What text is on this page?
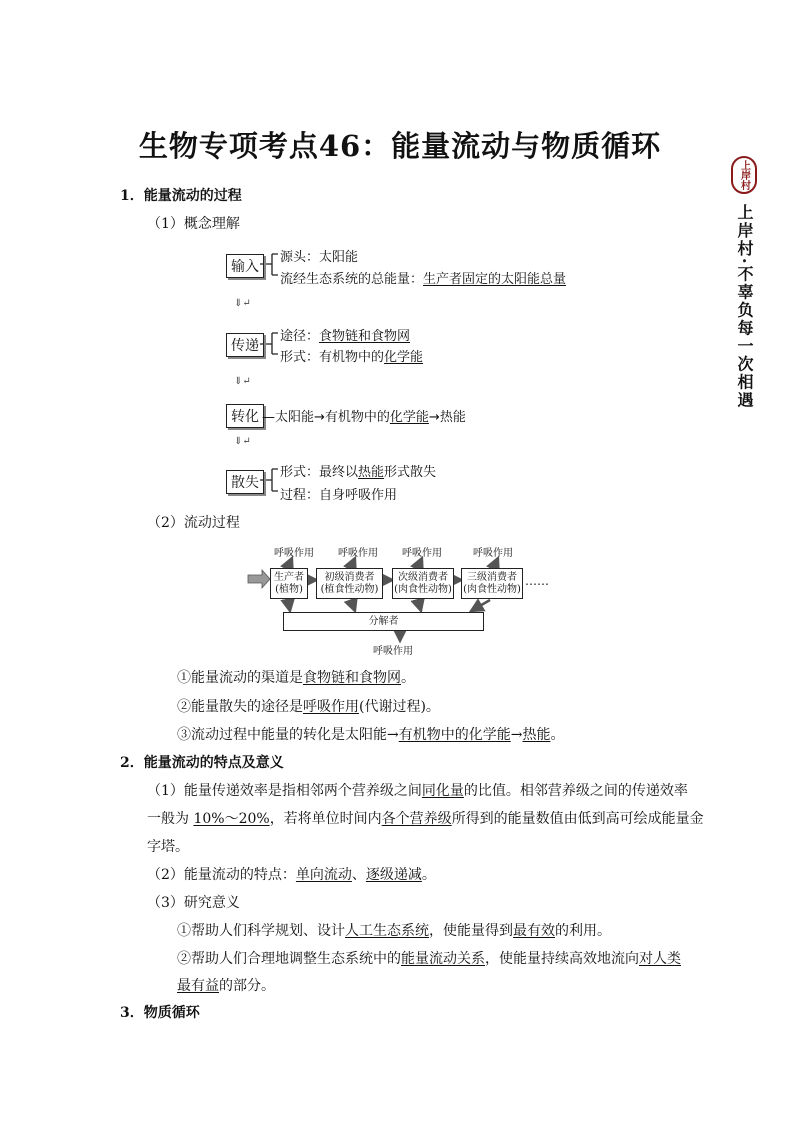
生物专项考点46：能量流动与物质循环
上岸村
上岸村·不辜负每一次相遇
1．能量流动的过程
（1）概念理解
输入
源头：太阳能
流经生态系统的总能量：生产者固定的太阳能总量
⇓↵
传递
途径：食物链和食物网
形式：有机物中的化学能
⇓↵
转化 —太阳能→有机物中的化学能→热能
⇓↵
散失
形式：最终以热能形式散失
过程：自身呼吸作用
（2）流动过程
呼吸作用 呼吸作用 呼吸作用	呼吸作用
生产者
(植物)
初级消费者
(植食性动物)
次级消费者
(肉食性动物)
三级消费者
(肉食性动物)
……
分解者
呼吸作用
①能量流动的渠道是食物链和食物网。
②能量散失的途径是呼吸作用(代谢过程)。
③流动过程中能量的转化是太阳能→有机物中的化学能→热能。
2．能量流动的特点及意义
（1）能量传递效率是指相邻两个营养级之间同化量的比值。相邻营养级之间的传递效率
一般为 10%～20%，若将单位时间内各个营养级所得到的能量数值由低到高可绘成能量金
字塔。
（2）能量流动的特点：单向流动、逐级递减。
（3）研究意义
①帮助人们科学规划、设计人工生态系统，使能量得到最有效的利用。
②帮助人们合理地调整生态系统中的能量流动关系，使能量持续高效地流向对人类
最有益的部分。
3．物质循环
